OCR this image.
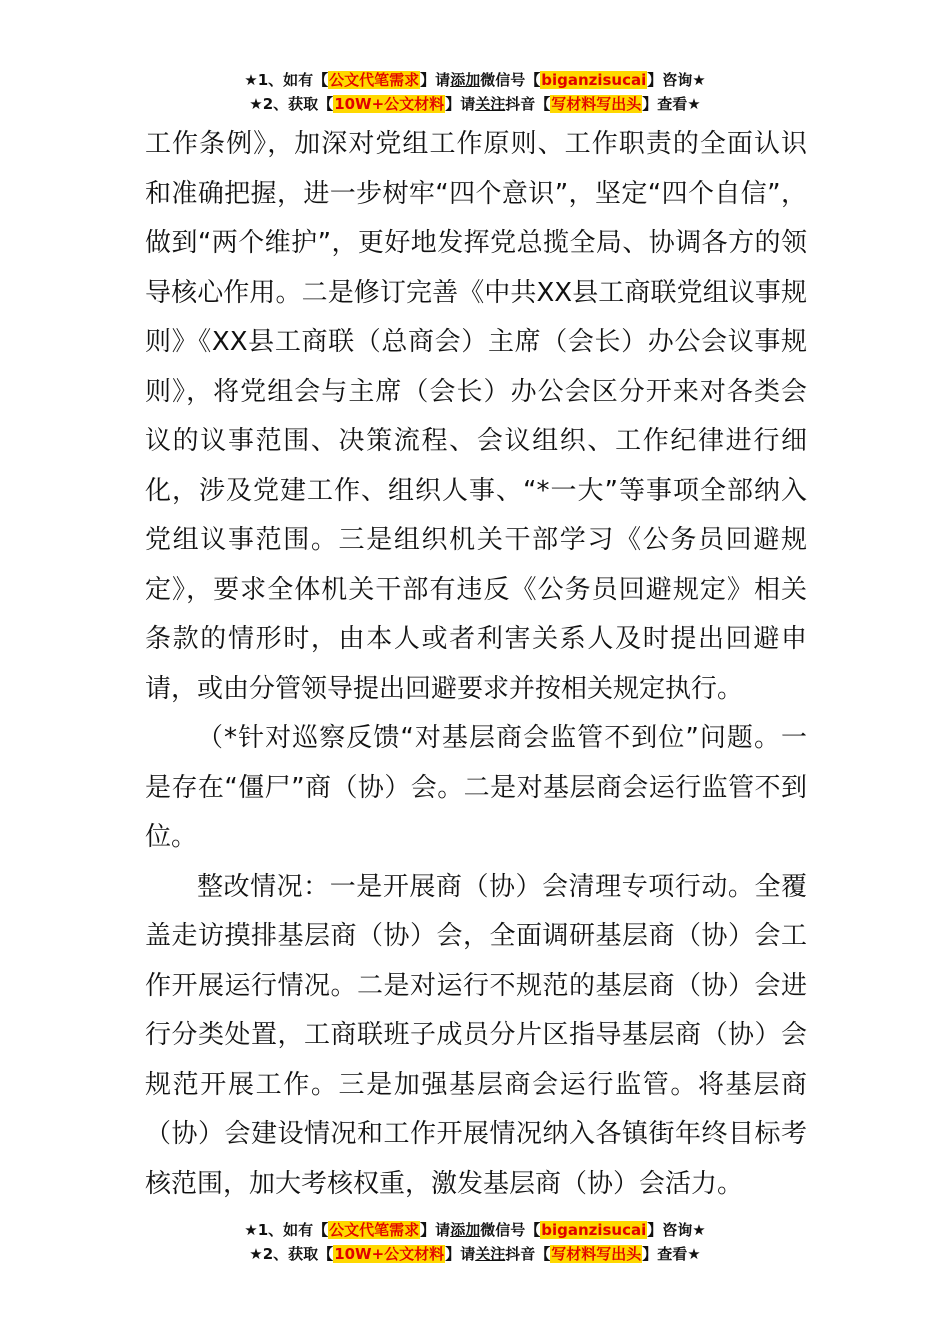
★1、如有【公文代笔需求】请添加微信号【biganzisucai】咨询★
★2、获取【10W+公文材料】请关注抖音【写材料写出头】查看★

工作条例》，加深对党组工作原则、工作职责的全面认识和准确把握，进一步树牢“四个意识”，坚定“四个自信”，做到“两个维护”，更好地发挥党总揽全局、协调各方的领导核心作用。二是修订完善《中共XX县工商联党组议事规则》《XX县工商联（总商会）主席（会长）办公会议事规则》，将党组会与主席（会长）办公会区分开来对各类会议的议事范围、决策流程、会议组织、工作纪律进行细化，涉及党建工作、组织人事、“*一大”等事项全部纳入党组议事范围。三是组织机关干部学习《公务员回避规定》，要求全体机关干部有违反《公务员回避规定》相关条款的情形时，由本人或者利害关系人及时提出回避申请，或由分管领导提出回避要求并按相关规定执行。

（*针对巡察反馈“对基层商会监管不到位”问题。一是存在“僵尸”商（协）会。二是对基层商会运行监管不到位。

整改情况：一是开展商（协）会清理专项行动。全覆盖走访摸排基层商（协）会，全面调研基层商（协）会工作开展运行情况。二是对运行不规范的基层商（协）会进行分类处置，工商联班子成员分片区指导基层商（协）会规范开展工作。三是加强基层商会运行监管。将基层商（协）会建设情况和工作开展情况纳入各镇街年终目标考核范围，加大考核权重，激发基层商（协）会活力。

★1、如有【公文代笔需求】请添加微信号【biganzisucai】咨询★
★2、获取【10W+公文材料】请关注抖音【写材料写出头】查看★
